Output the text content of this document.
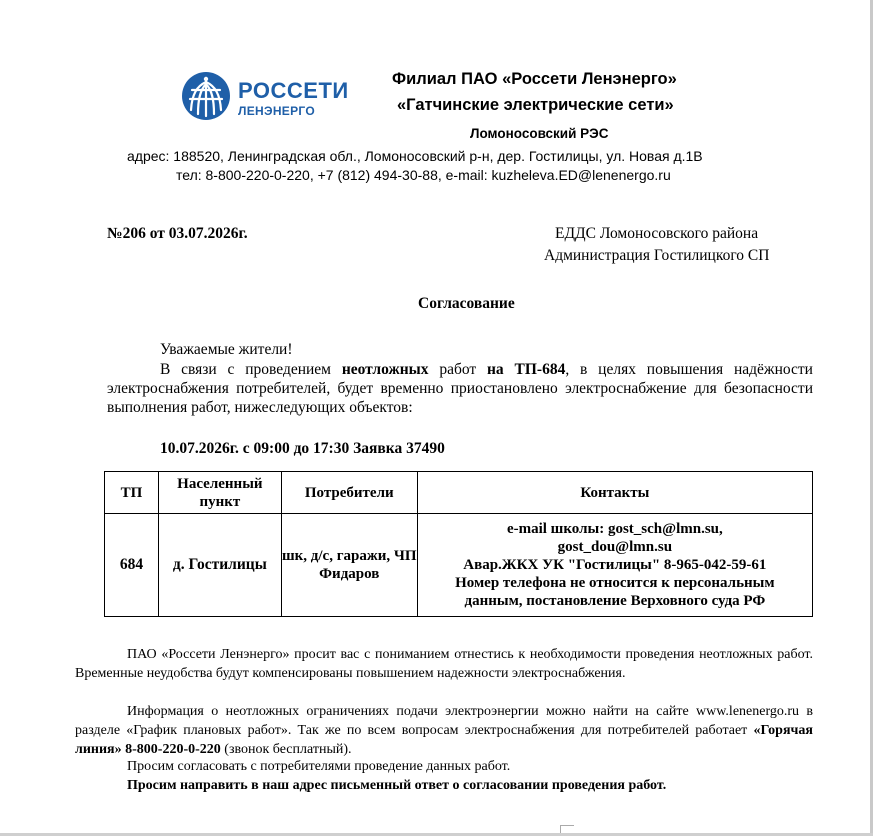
РОССЕТИ
ЛЕНЭНЕРГО
Филиал ПАО «Россети Ленэнерго»
«Гатчинские электрические сети»
Ломоносовский РЭС
адрес: 188520, Ленинградская обл., Ломоносовский р-н, дер. Гостилицы, ул. Новая д.1В
тел: 8-800-220-0-220, +7 (812) 494-30-88, e-mail: kuzheleva.ED@lenenergo.ru
№206 от 03.07.2026г.	ЕДДС Ломоносовского района
Администрация Гостилицкого СП
Согласование
Уважаемые жители!
В связи с проведением неотложных работ на ТП-684, в целях повышения надёжности электроснабжения потребителей, будет временно приостановлено электроснабжение для безопасности выполнения работ, нижеследующих объектов:
10.07.2026г. с 09:00 до 17:30 Заявка 37490
ТП	Населенный пункт	Потребители	Контакты
684	д. Гостилицы	шк, д/с, гаражи, ЧП Фидаров	e-mail школы: gost_sch@lmn.su,
gost_dou@lmn.su
Авар.ЖКХ УК "Гостилицы" 8-965-042-59-61
Номер телефона не относится к персональным
данным, постановление Верховного суда РФ
ПАО «Россети Ленэнерго» просит вас с пониманием отнестись к необходимости проведения неотложных работ. Временные неудобства будут компенсированы повышением надежности электроснабжения.
Информация о неотложных ограничениях подачи электроэнергии можно найти на сайте www.lenenergo.ru в разделе «График плановых работ». Так же по всем вопросам электроснабжения для потребителей работает «Горячая линия» 8-800-220-0-220 (звонок бесплатный).
Просим согласовать с потребителями проведение данных работ.
Просим направить в наш адрес письменный ответ о согласовании проведения работ.
